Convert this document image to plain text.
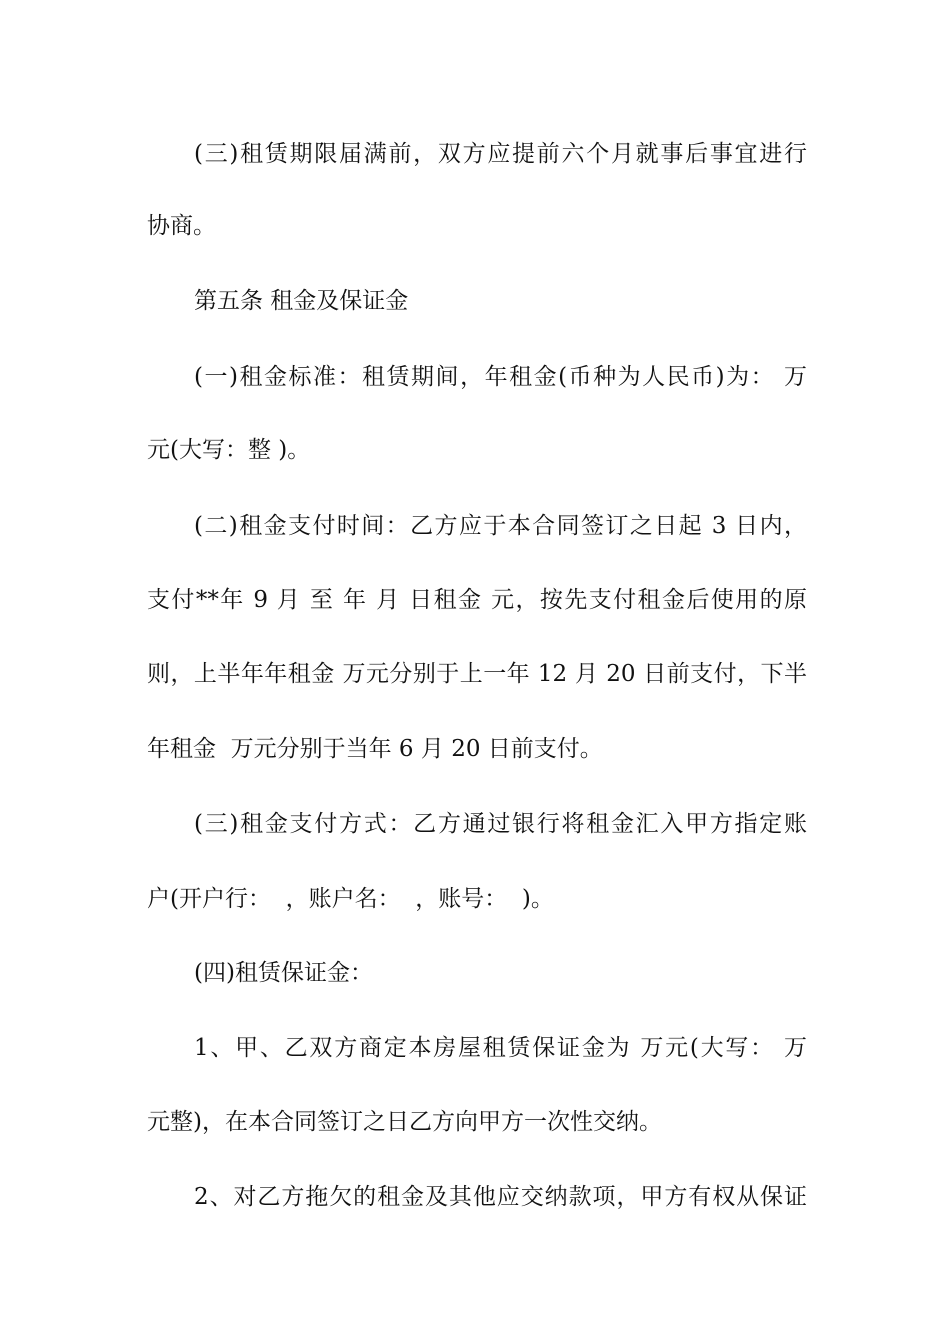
(三)租赁期限届满前，双方应提前六个月就事后事宜进行
协商。
第五条 租金及保证金
(一)租金标准：租赁期间，年租金(币种为人民币)为： 万
元(大写：整 )。
(二)租金支付时间：乙方应于本合同签订之日起 3 日内，
支付**年 9 月 至 年 月 日租金 元，按先支付租金后使用的原
则，上半年年租金 万元分别于上一年 12 月 20 日前支付，下半
年租金  万元分别于当年 6 月 20 日前支付。
(三)租金支付方式：乙方通过银行将租金汇入甲方指定账
户(开户行：  ，账户名：  ，账号：  )。
(四)租赁保证金：
1、甲、乙双方商定本房屋租赁保证金为 万元(大写： 万
元整)，在本合同签订之日乙方向甲方一次性交纳。
2、对乙方拖欠的租金及其他应交纳款项，甲方有权从保证
